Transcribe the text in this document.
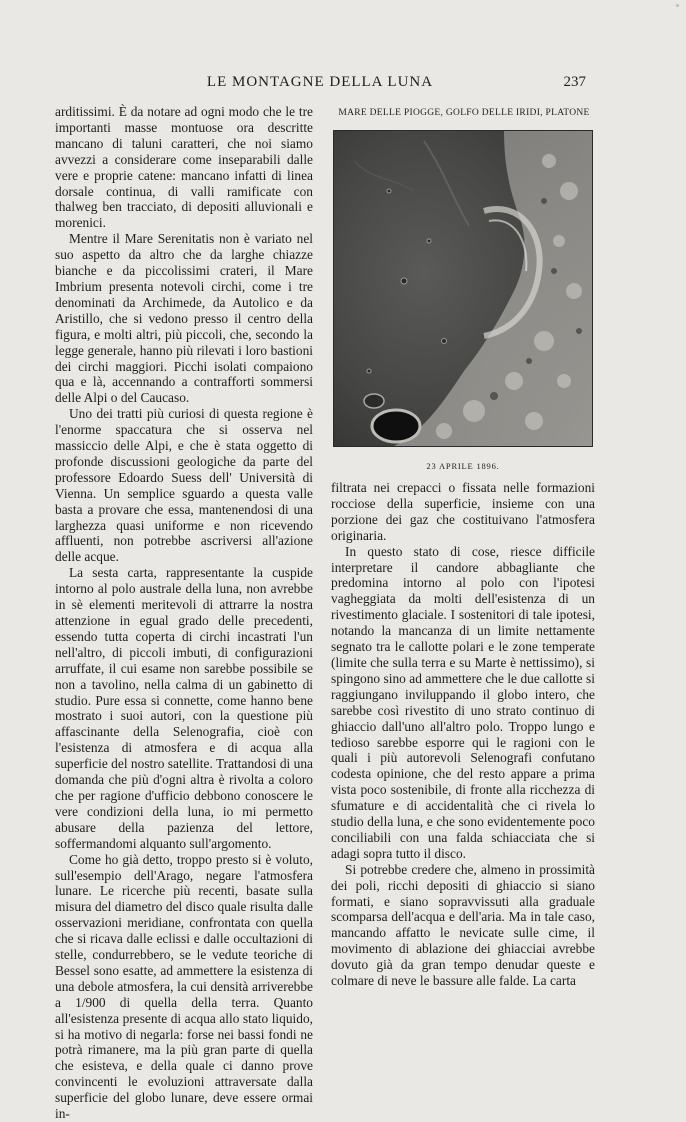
LE MONTAGNE DELLA LUNA	237

arditissimi. È da notare ad ogni modo che le tre importanti masse montuose ora descritte mancano di taluni caratteri, che noi siamo avvezzi a considerare come inseparabili dalle vere e proprie catene: mancano infatti di linea dorsale continua, di valli ramificate con thalweg ben tracciato, di depositi alluvionali e morenici.

Mentre il Mare Serenitatis non è variato nel suo aspetto da altro che da larghe chiazze bianche e da piccolissimi crateri, il Mare Imbrium presenta notevoli circhi, come i tre denominati da Archimede, da Autolico e da Aristillo, che si vedono presso il centro della figura, e molti altri, più piccoli, che, secondo la legge generale, hanno più rilevati i loro bastioni dei circhi maggiori. Picchi isolati compaiono qua e là, accennando a contrafforti sommersi delle Alpi o del Caucaso.

Uno dei tratti più curiosi di questa regione è l'enorme spaccatura che si osserva nel massiccio delle Alpi, e che è stata oggetto di profonde discussioni geologiche da parte del professore Edoardo Suess dell' Università di Vienna. Un semplice sguardo a questa valle basta a provare che essa, mantenendosi di una larghezza quasi uniforme e non ricevendo affluenti, non potrebbe ascriversi all'azione delle acque.

La sesta carta, rappresentante la cuspide intorno al polo australe della luna, non avrebbe in sè elementi meritevoli di attrarre la nostra attenzione in egual grado delle precedenti, essendo tutta coperta di circhi incastrati l'un nell'altro, di piccoli imbuti, di configurazioni arruffate, il cui esame non sarebbe possibile se non a tavolino, nella calma di un gabinetto di studio. Pure essa si connette, come hanno bene mostrato i suoi autori, con la questione più affascinante della Selenografia, cioè con l'esistenza di atmosfera e di acqua alla superficie del nostro satellite. Trattandosi di una domanda che più d'ogni altra è rivolta a coloro che per ragione d'ufficio debbono conoscere le vere condizioni della luna, io mi permetto abusare della pazienza del lettore, soffermandomi alquanto sull'argomento.

Come ho già detto, troppo presto si è voluto, sull'esempio dell'Arago, negare l'atmosfera lunare. Le ricerche più recenti, basate sulla misura del diametro del disco quale risulta dalle osservazioni meridiane, confrontata con quella che si ricava dalle eclissi e dalle occultazioni di stelle, condurrebbero, se le vedute teoriche di Bessel sono esatte, ad ammettere la esistenza di una debole atmosfera, la cui densità arriverebbe a 1/900 di quella della terra. Quanto all'esistenza presente di acqua allo stato liquido, si ha motivo di negarla: forse nei bassi fondi ne potrà rimanere, ma la più gran parte di quella che esisteva, e della quale ci danno prove convincenti le evoluzioni attraversate dalla superficie del globo lunare, deve essere ormai in-

MARE DELLE PIOGGE, GOLFO DELLE IRIDI, PLATONE
23 APRILE 1896.

filtrata nei crepacci o fissata nelle formazioni rocciose della superficie, insieme con una porzione dei gaz che costituivano l'atmosfera originaria.

In questo stato di cose, riesce difficile interpretare il candore abbagliante che predomina intorno al polo con l'ipotesi vagheggiata da molti dell'esistenza di un rivestimento glaciale. I sostenitori di tale ipotesi, notando la mancanza di un limite nettamente segnato tra le callotte polari e le zone temperate (limite che sulla terra e su Marte è nettissimo), si spingono sino ad ammettere che le due callotte si raggiungano inviluppando il globo intero, che sarebbe così rivestito di uno strato continuo di ghiaccio dall'uno all'altro polo. Troppo lungo e tedioso sarebbe esporre qui le ragioni con le quali i più autorevoli Selenografi confutano codesta opinione, che del resto appare a prima vista poco sostenibile, di fronte alla ricchezza di sfumature e di accidentalità che ci rivela lo studio della luna, e che sono evidentemente poco conciliabili con una falda schiacciata che si adagi sopra tutto il disco.

Si potrebbe credere che, almeno in prossimità dei poli, ricchi depositi di ghiaccio si siano formati, e siano sopravvissuti alla graduale scomparsa dell'acqua e dell'aria. Ma in tale caso, mancando affatto le nevicate sulle cime, il movimento di ablazione dei ghiacciai avrebbe dovuto già da gran tempo denudar queste e colmare di neve le bassure alle falde. La carta
